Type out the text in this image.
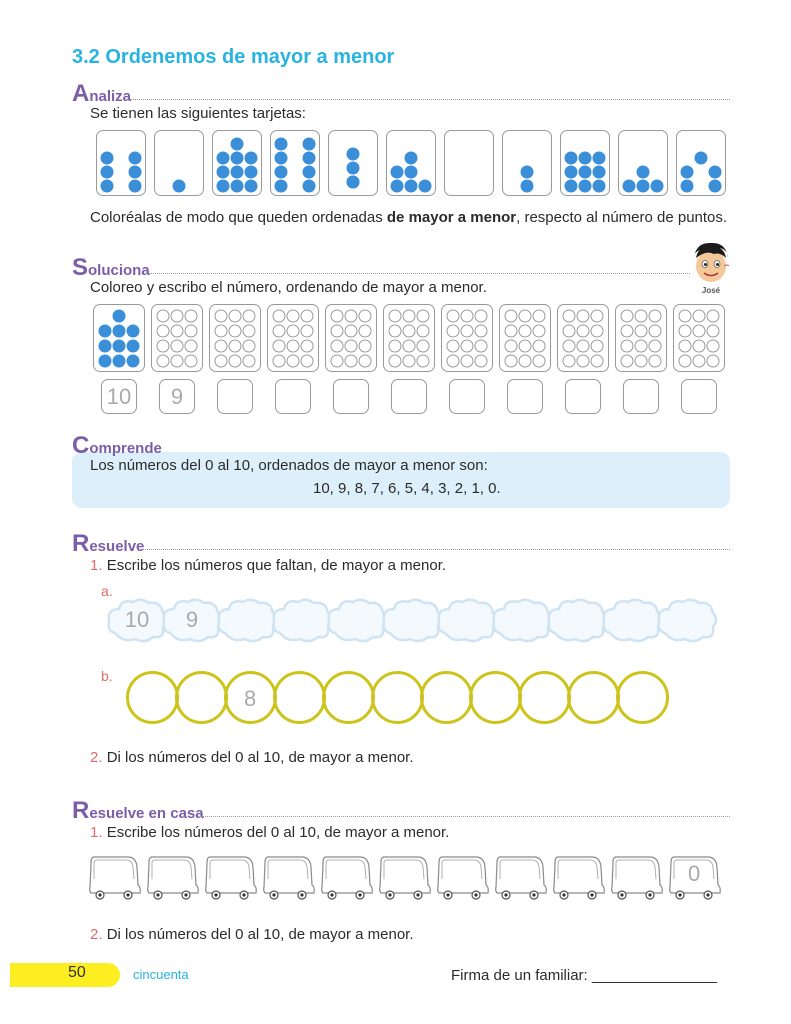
3.2 Ordenemos de mayor a menor
Analiza
Se tienen las siguientes tarjetas:
Coloréalas de modo que queden ordenadas de mayor a menor, respecto al número de puntos.
Soluciona
José
Coloreo y escribo el número, ordenando de mayor a menor.
10	9
Comprende
Los números del 0 al 10, ordenados de mayor a menor son:
10, 9, 8, 7, 6, 5, 4, 3, 2, 1, 0.
Resuelve
1. Escribe los números que faltan, de mayor a menor.
a.
10	9
b.
8
2. Di los números del 0 al 10, de mayor a menor.
Resuelve en casa
1. Escribe los números del 0 al 10, de mayor a menor.
0
2. Di los números del 0 al 10, de mayor a menor.
50	cincuenta	Firma de un familiar: _______________
